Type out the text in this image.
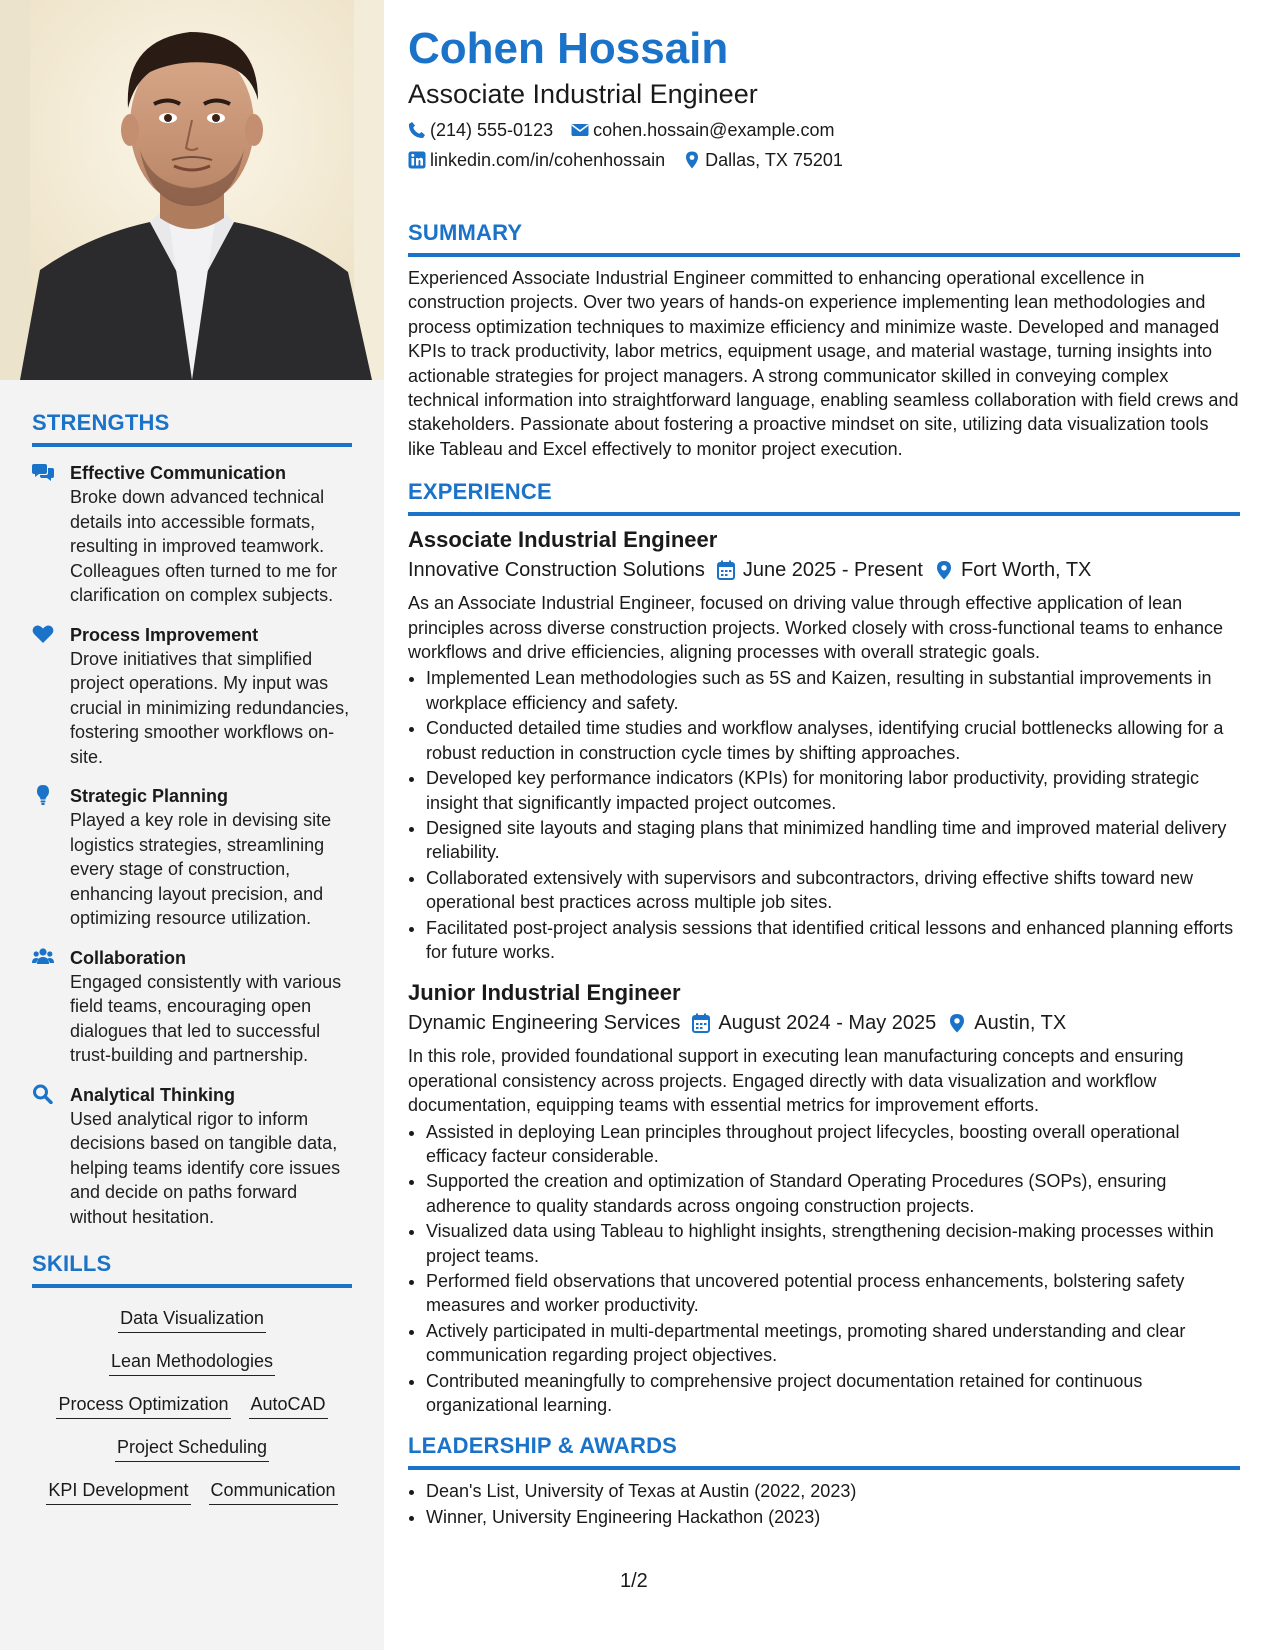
STRENGTHS
Effective Communication
Broke down advanced technical details into accessible formats, resulting in improved teamwork. Colleagues often turned to me for clarification on complex subjects.
Process Improvement
Drove initiatives that simplified project operations. My input was crucial in minimizing redundancies, fostering smoother workflows on-site.
Strategic Planning
Played a key role in devising site logistics strategies, streamlining every stage of construction, enhancing layout precision, and optimizing resource utilization.
Collaboration
Engaged consistently with various field teams, encouraging open dialogues that led to successful trust-building and partnership.
Analytical Thinking
Used analytical rigor to inform decisions based on tangible data, helping teams identify core issues and decide on paths forward without hesitation.
SKILLS
Data Visualization
Lean Methodologies
Process Optimization AutoCAD
Project Scheduling
KPI Development Communication
Cohen Hossain
Associate Industrial Engineer
(214) 555-0123 cohen.hossain@example.com
linkedin.com/in/cohenhossain Dallas, TX 75201
SUMMARY

Experienced Associate Industrial Engineer committed to enhancing operational excellence in construction projects. Over two years of hands-on experience implementing lean methodologies and process optimization techniques to maximize efficiency and minimize waste. Developed and managed KPIs to track productivity, labor metrics, equipment usage, and material wastage, turning insights into actionable strategies for project managers. A strong communicator skilled in conveying complex technical information into straightforward language, enabling seamless collaboration with field crews and stakeholders. Passionate about fostering a proactive mindset on site, utilizing data visualization tools like Tableau and Excel effectively to monitor project execution.

EXPERIENCE
Associate Industrial Engineer
Innovative Construction Solutions June 2025 - Present Fort Worth, TX

As an Associate Industrial Engineer, focused on driving value through effective application of lean principles across diverse construction projects. Worked closely with cross-functional teams to enhance workflows and drive efficiencies, aligning processes with overall strategic goals.

• Implemented Lean methodologies such as 5S and Kaizen, resulting in substantial improvements in workplace efficiency and safety.
• Conducted detailed time studies and workflow analyses, identifying crucial bottlenecks allowing for a robust reduction in construction cycle times by shifting approaches.
• Developed key performance indicators (KPIs) for monitoring labor productivity, providing strategic insight that significantly impacted project outcomes.
• Designed site layouts and staging plans that minimized handling time and improved material delivery reliability.
• Collaborated extensively with supervisors and subcontractors, driving effective shifts toward new operational best practices across multiple job sites.
• Facilitated post-project analysis sessions that identified critical lessons and enhanced planning efforts for future works.
Junior Industrial Engineer
Dynamic Engineering Services August 2024 - May 2025 Austin, TX

In this role, provided foundational support in executing lean manufacturing concepts and ensuring operational consistency across projects. Engaged directly with data visualization and workflow documentation, equipping teams with essential metrics for improvement efforts.

• Assisted in deploying Lean principles throughout project lifecycles, boosting overall operational efficacy facteur considerable.
• Supported the creation and optimization of Standard Operating Procedures (SOPs), ensuring adherence to quality standards across ongoing construction projects.
• Visualized data using Tableau to highlight insights, strengthening decision-making processes within project teams.
• Performed field observations that uncovered potential process enhancements, bolstering safety measures and worker productivity.
• Actively participated in multi-departmental meetings, promoting shared understanding and clear communication regarding project objectives.
• Contributed meaningfully to comprehensive project documentation retained for continuous organizational learning.
LEADERSHIP & AWARDS
• Dean's List, University of Texas at Austin (2022, 2023)
• Winner, University Engineering Hackathon (2023)
1/2
